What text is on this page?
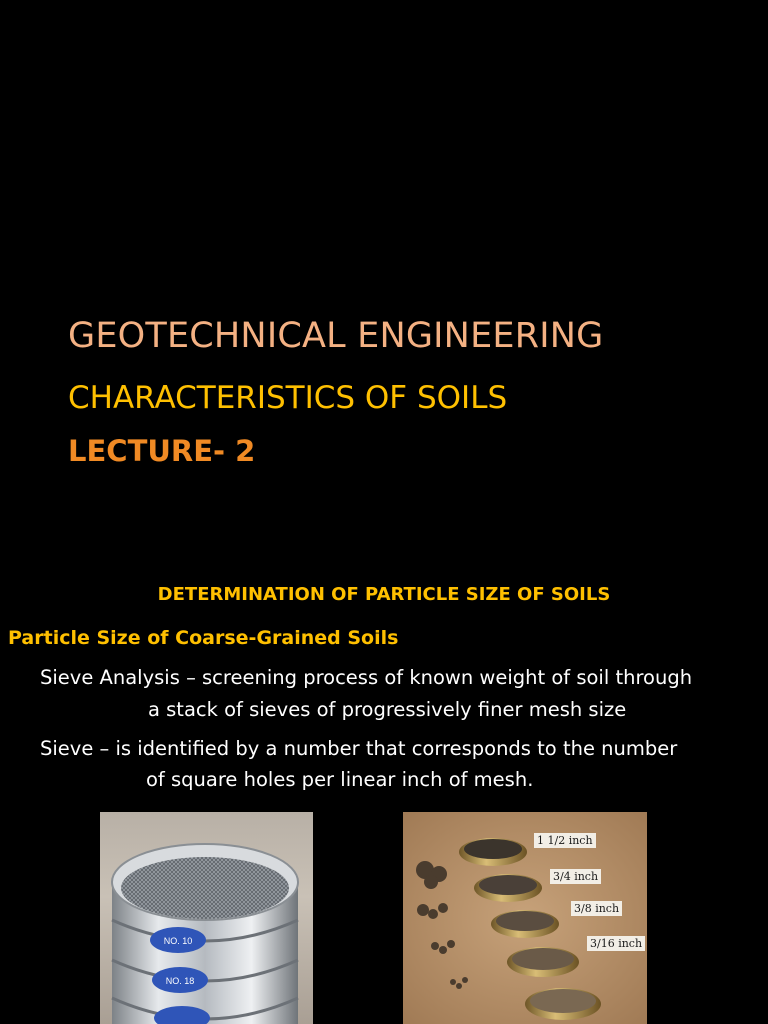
GEOTECHNICAL ENGINEERING
CHARACTERISTICS OF SOILS
LECTURE- 2
DETERMINATION OF PARTICLE SIZE OF SOILS
Particle Size of Coarse-Grained Soils
Sieve Analysis – screening process of known weight of soil through
a stack of sieves of progressively finer mesh size
Sieve – is identified by a number that corresponds to the number
of square holes per linear inch of mesh.
NO. 10
NO. 18
1 1/2 inch
3/4 inch
3/8 inch
3/16 inch
